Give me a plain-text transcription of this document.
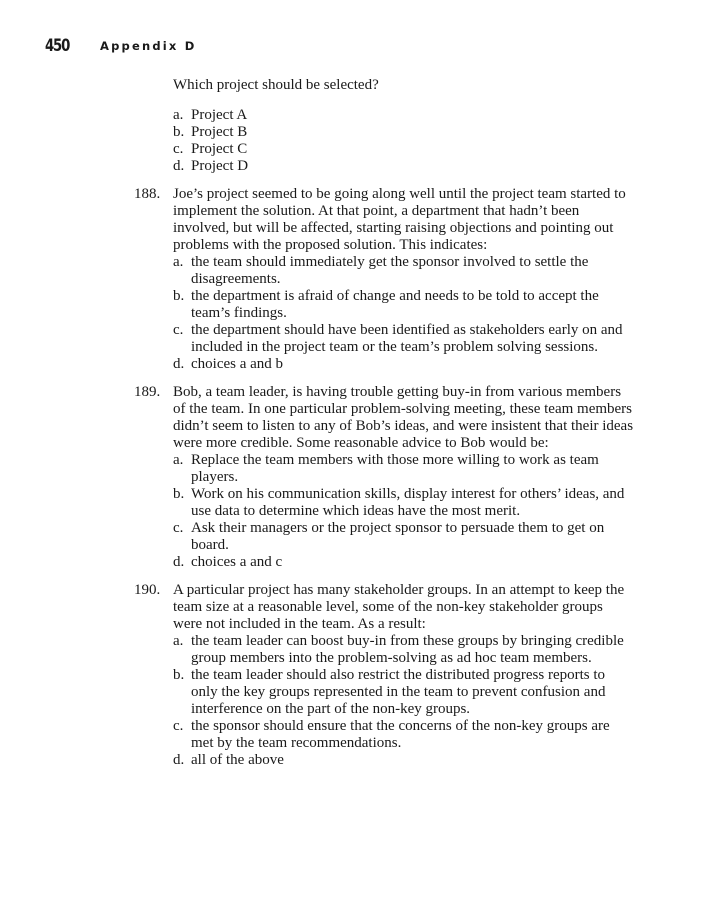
450	Appendix D
Which project should be selected?
a. Project A
b. Project B
c. Project C
d. Project D
188. Joe’s project seemed to be going along well until the project team started to implement the solution. At that point, a department that hadn’t been involved, but will be affected, starting raising objections and pointing out problems with the proposed solution. This indicates:
a. the team should immediately get the sponsor involved to settle the disagreements.
b. the department is afraid of change and needs to be told to accept the team’s findings.
c. the department should have been identified as stakeholders early on and included in the project team or the team’s problem solving sessions.
d. choices a and b
189. Bob, a team leader, is having trouble getting buy-in from various members of the team. In one particular problem-solving meeting, these team members didn’t seem to listen to any of Bob’s ideas, and were insistent that their ideas were more credible. Some reasonable advice to Bob would be:
a. Replace the team members with those more willing to work as team players.
b. Work on his communication skills, display interest for others’ ideas, and use data to determine which ideas have the most merit.
c. Ask their managers or the project sponsor to persuade them to get on board.
d. choices a and c
190. A particular project has many stakeholder groups. In an attempt to keep the team size at a reasonable level, some of the non-key stakeholder groups were not included in the team. As a result:
a. the team leader can boost buy-in from these groups by bringing credible group members into the problem-solving as ad hoc team members.
b. the team leader should also restrict the distributed progress reports to only the key groups represented in the team to prevent confusion and interference on the part of the non-key groups.
c. the sponsor should ensure that the concerns of the non-key groups are met by the team recommendations.
d. all of the above
